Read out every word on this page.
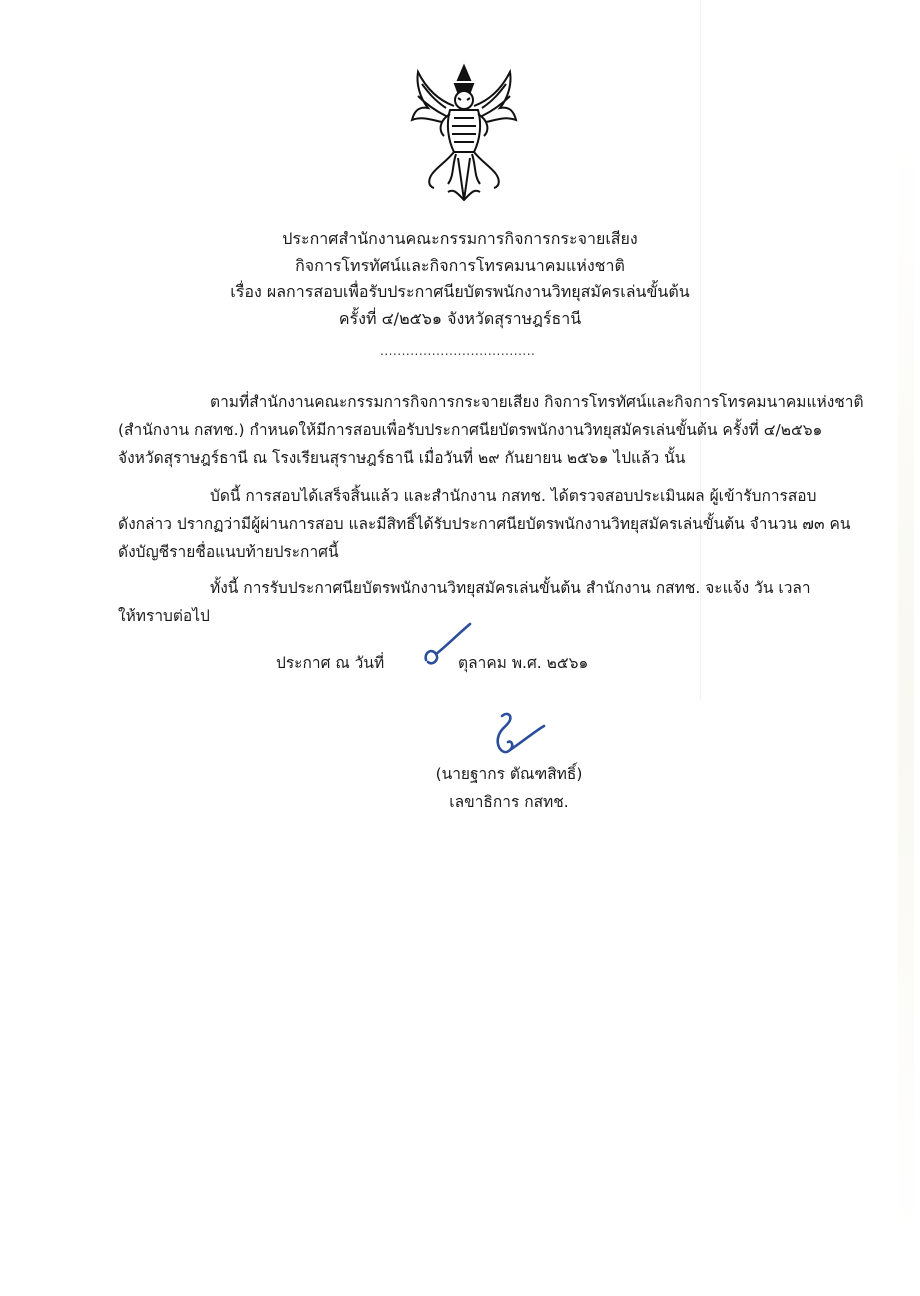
ประกาศสำนักงานคณะกรรมการกิจการกระจายเสียง
กิจการโทรทัศน์และกิจการโทรคมนาคมแห่งชาติ
เรื่อง ผลการสอบเพื่อรับประกาศนียบัตรพนักงานวิทยุสมัครเล่นขั้นต้น
ครั้งที่ ๔/๒๕๖๑ จังหวัดสุราษฎร์ธานี
....................................
ตามที่สำนักงานคณะกรรมการกิจการกระจายเสียง กิจการโทรทัศน์และกิจการโทรคมนาคมแห่งชาติ
(สำนักงาน กสทช.) กำหนดให้มีการสอบเพื่อรับประกาศนียบัตรพนักงานวิทยุสมัครเล่นขั้นต้น ครั้งที่ ๔/๒๕๖๑
จังหวัดสุราษฎร์ธานี ณ โรงเรียนสุราษฎร์ธานี เมื่อวันที่ ๒๙ กันยายน ๒๕๖๑ ไปแล้ว นั้น
บัดนี้ การสอบได้เสร็จสิ้นแล้ว และสำนักงาน กสทช. ได้ตรวจสอบประเมินผล ผู้เข้ารับการสอบ
ดังกล่าว ปรากฏว่ามีผู้ผ่านการสอบ และมีสิทธิ์ได้รับประกาศนียบัตรพนักงานวิทยุสมัครเล่นขั้นต้น จำนวน ๗๓ คน
ดังบัญชีรายชื่อแนบท้ายประกาศนี้
ทั้งนี้ การรับประกาศนียบัตรพนักงานวิทยุสมัครเล่นขั้นต้น สำนักงาน กสทช. จะแจ้ง วัน เวลา
ให้ทราบต่อไป
ประกาศ ณ วันที่	ตุลาคม พ.ศ. ๒๕๖๑
(นายฐากร ตัณฑสิทธิ์)
เลขาธิการ กสทช.
